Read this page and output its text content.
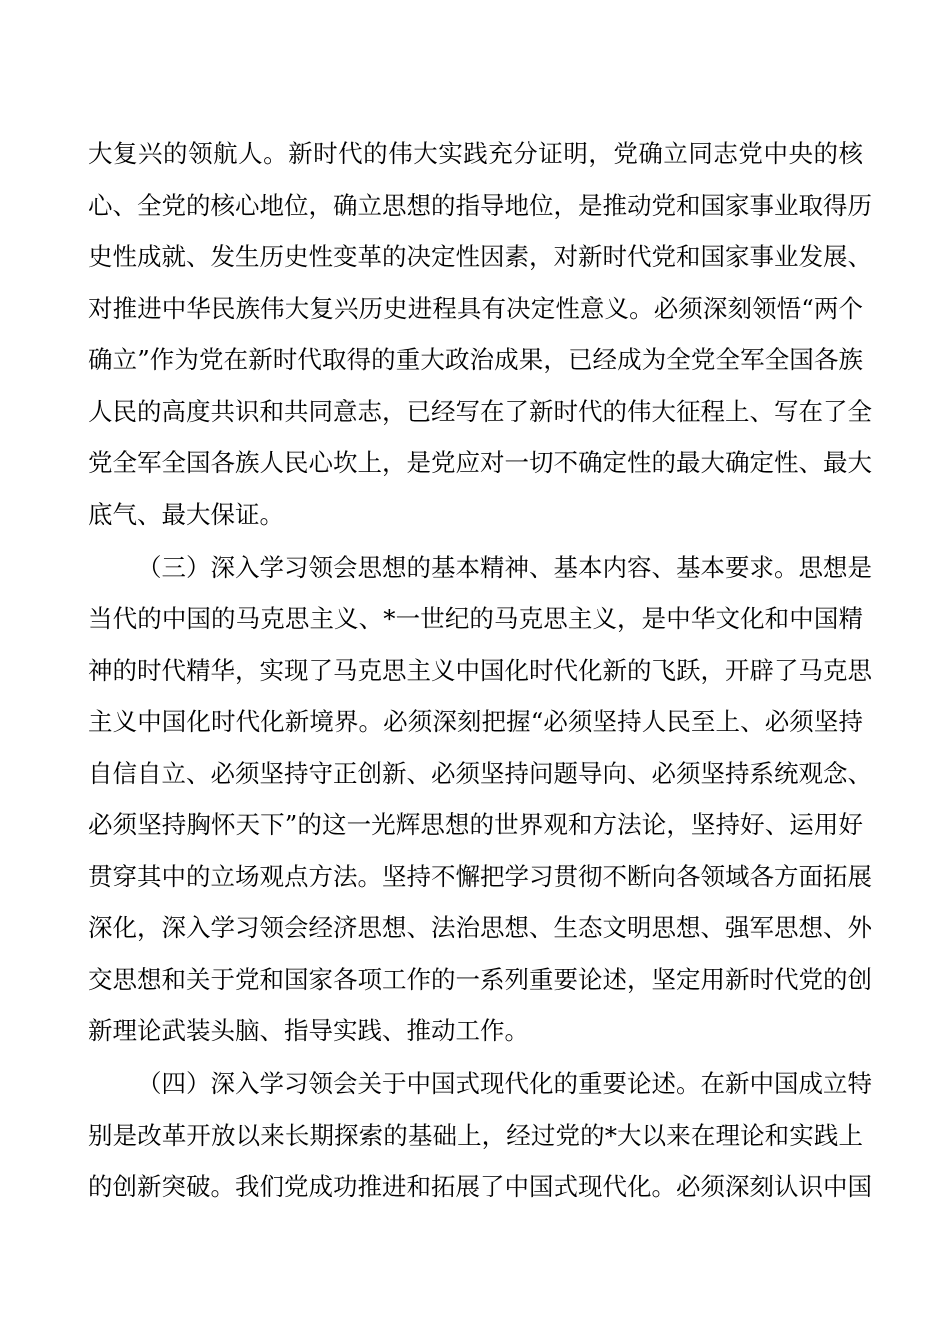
大复兴的领航人。新时代的伟大实践充分证明，党确立同志党中央的核
心、全党的核心地位，确立思想的指导地位，是推动党和国家事业取得历
史性成就、发生历史性变革的决定性因素，对新时代党和国家事业发展、
对推进中华民族伟大复兴历史进程具有决定性意义。必须深刻领悟“两个
确立”作为党在新时代取得的重大政治成果，已经成为全党全军全国各族
人民的高度共识和共同意志，已经写在了新时代的伟大征程上、写在了全
党全军全国各族人民心坎上，是党应对一切不确定性的最大确定性、最大
底气、最大保证。
（三）深入学习领会思想的基本精神、基本内容、基本要求。思想是
当代的中国的马克思主义、*一世纪的马克思主义，是中华文化和中国精
神的时代精华，实现了马克思主义中国化时代化新的飞跃，开辟了马克思
主义中国化时代化新境界。必须深刻把握“必须坚持人民至上、必须坚持
自信自立、必须坚持守正创新、必须坚持问题导向、必须坚持系统观念、
必须坚持胸怀天下”的这一光辉思想的世界观和方法论，坚持好、运用好
贯穿其中的立场观点方法。坚持不懈把学习贯彻不断向各领域各方面拓展
深化，深入学习领会经济思想、法治思想、生态文明思想、强军思想、外
交思想和关于党和国家各项工作的一系列重要论述，坚定用新时代党的创
新理论武装头脑、指导实践、推动工作。
（四）深入学习领会关于中国式现代化的重要论述。在新中国成立特
别是改革开放以来长期探索的基础上，经过党的*大以来在理论和实践上
的创新突破。我们党成功推进和拓展了中国式现代化。必须深刻认识中国
